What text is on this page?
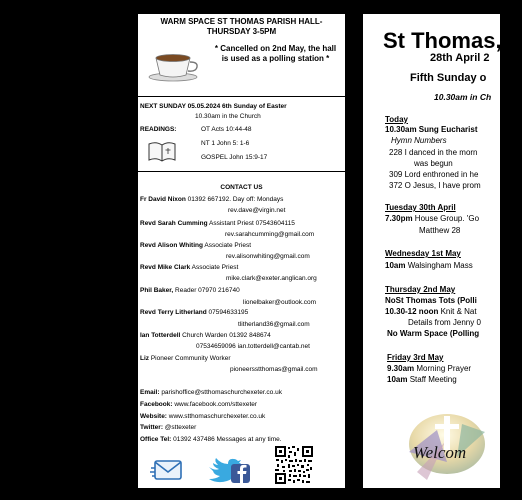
WARM SPACE ST THOMAS PARISH HALL-
THURSDAY 3-5PM
* Cancelled on 2nd May, the hall
is used as a polling station *
NEXT SUNDAY 05.05.2024 6th Sunday of Easter
10.30am in the Church
READINGS:	OT Acts 10:44-48
NT 1 John 5: 1-6
GOSPEL John 15:9-17
CONTACT US
Fr David Nixon 01392 667192. Day off: Mondays
rev.dave@virgin.net
Revd Sarah Cumming Assistant Priest 07543604115
rev.sarahcumming@gmail.com
Revd Alison Whiting Associate Priest
rev.alisonwhiting@gmail.com
Revd Mike Clark Associate Priest
mike.clark@exeter.anglican.org
Phil Baker, Reader 07970 216740
lionelbaker@outlook.com
Revd Terry Litherland 07594633195
tlitherland36@gmail.com
Ian Totterdell Church Warden 01392 848674
07534659096 ian.totterdell@cantab.net
Liz Pioneer Community Worker
pioneersstthomas@gmail.com
Email: parishoffice@stthomaschurchexeter.co.uk
Facebook: www.facebook.com/sttexeter
Website: www.stthomaschurchexeter.co.uk
Twitter: @sttexeter
Office Tel: 01392 437486 Messages at any time.
St Thomas, E
28th April 2
Fifth Sunday o
10.30am in Ch
Today
10.30am Sung Eucharist
Hymn Numbers
228 I danced in the morn
was begun
309 Lord enthroned in he
372 O Jesus, I have prom
Tuesday 30th April
7.30pm House Group. 'Go
Matthew 28
Wednesday 1st May
10am Walsingham Mass
Thursday 2nd May
NoSt Thomas Tots (Polli
10.30-12 noon Knit & Nat
Details from Jenny 0
No Warm Space (Polling
Friday 3rd May
9.30am Morning Prayer
10am Staff Meeting
Welcom
